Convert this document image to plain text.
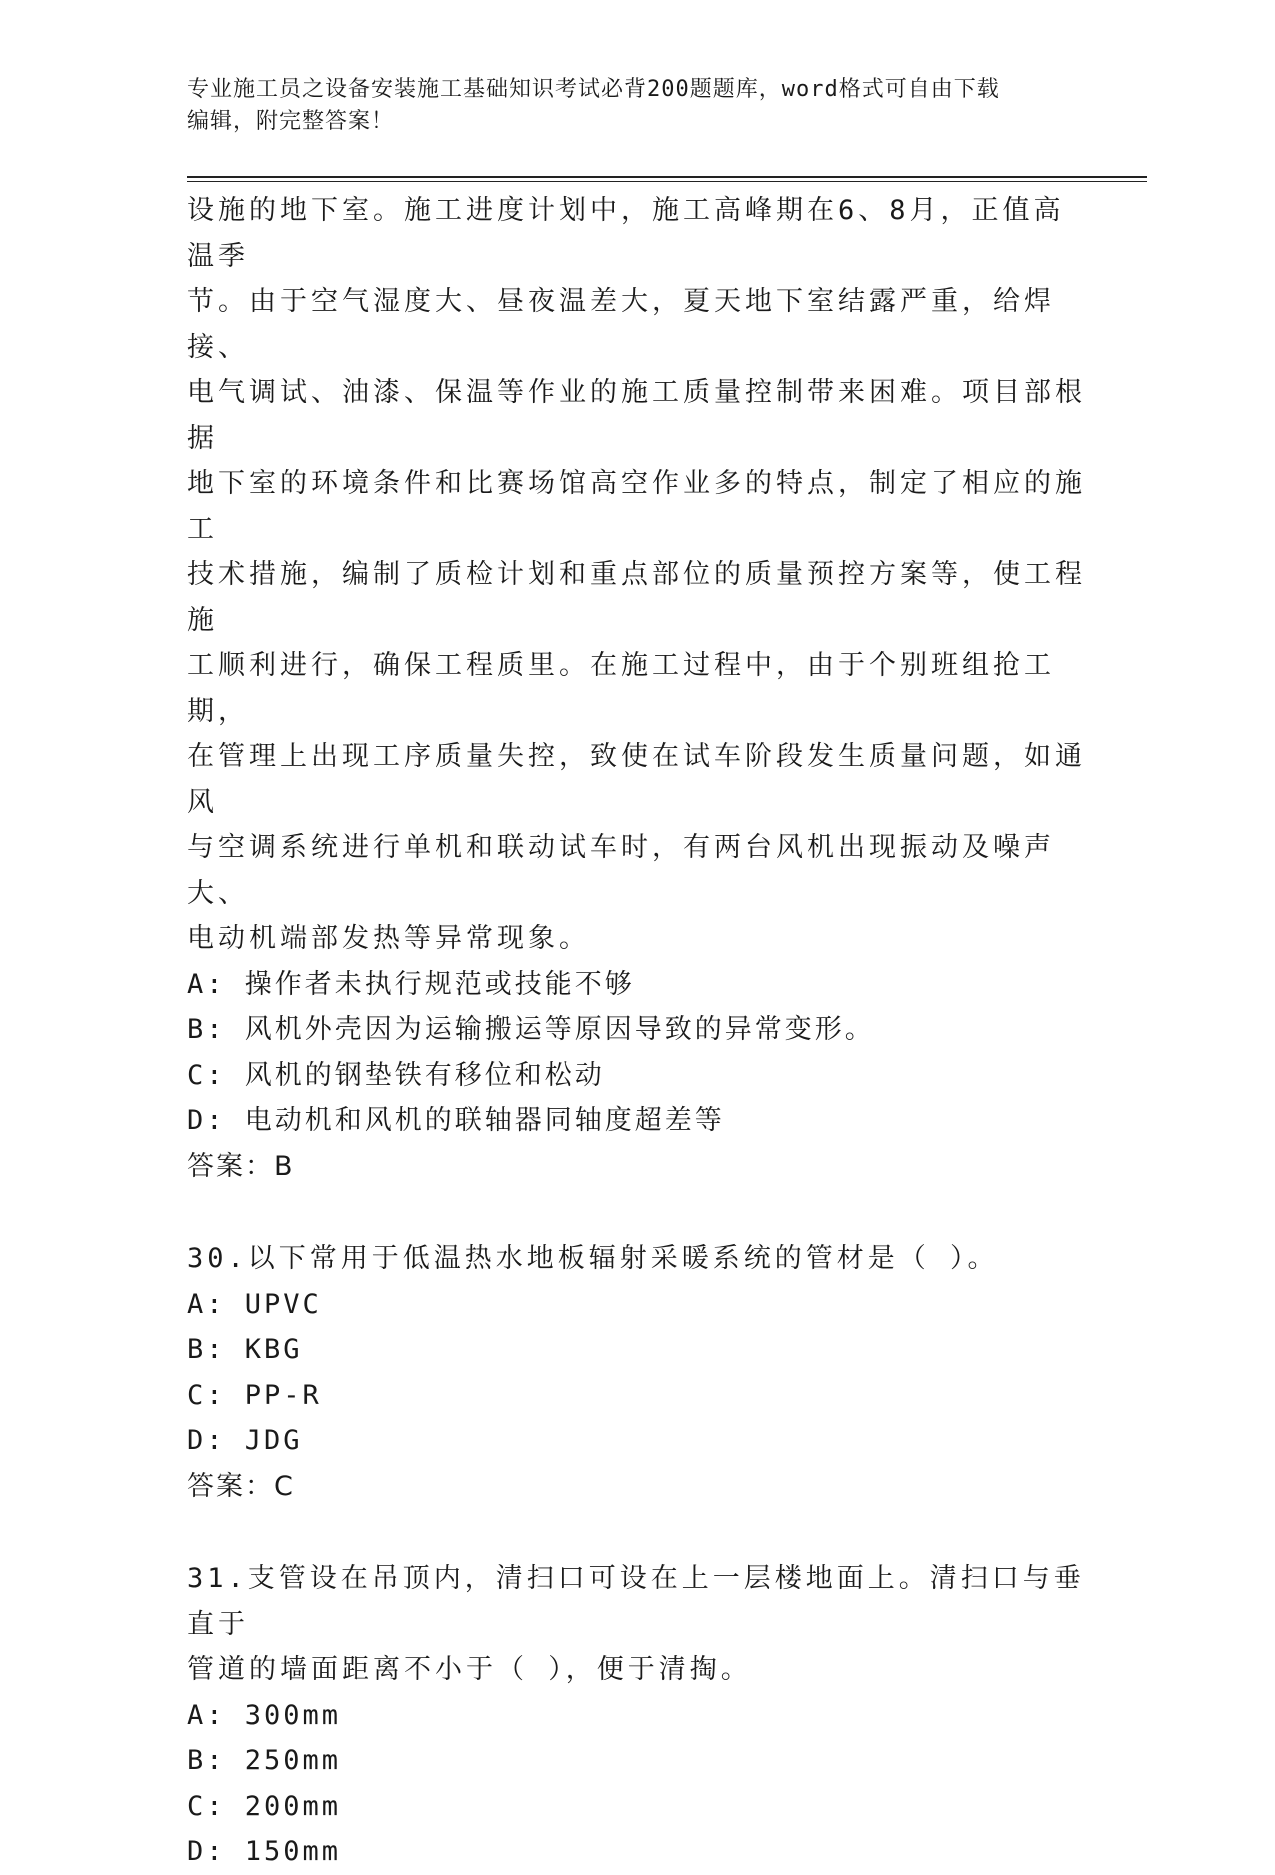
专业施工员之设备安装施工基础知识考试必背200题题库，word格式可自由下载
编辑，附完整答案！

设施的地下室。施工进度计划中，施工高峰期在6、8月，正值高温季

节。由于空气湿度大、昼夜温差大，夏天地下室结露严重，给焊接、

电气调试、油漆、保温等作业的施工质量控制带来困难。项目部根据

地下室的环境条件和比赛场馆高空作业多的特点，制定了相应的施工

技术措施，编制了质检计划和重点部位的质量预控方案等，使工程施

工顺利进行，确保工程质里。在施工过程中，由于个别班组抢工期，

在管理上出现工序质量失控，致使在试车阶段发生质量问题，如通风

与空调系统进行单机和联动试车时，有两台风机出现振动及噪声大、

电动机端部发热等异常现象。

A: 操作者未执行规范或技能不够

B: 风机外壳因为运输搬运等原因导致的异常变形。

C: 风机的钢垫铁有移位和松动

D: 电动机和风机的联轴器同轴度超差等

答案：B

30.以下常用于低温热水地板辐射采暖系统的管材是（ ）。

A: UPVC

B: KBG

C: PP-R

D: JDG

答案：C

31.支管设在吊顶内，清扫口可设在上一层楼地面上。清扫口与垂直于

管道的墙面距离不小于（ ），便于清掏。

A: 300mm

B: 250mm

C: 200mm

D: 150mm
